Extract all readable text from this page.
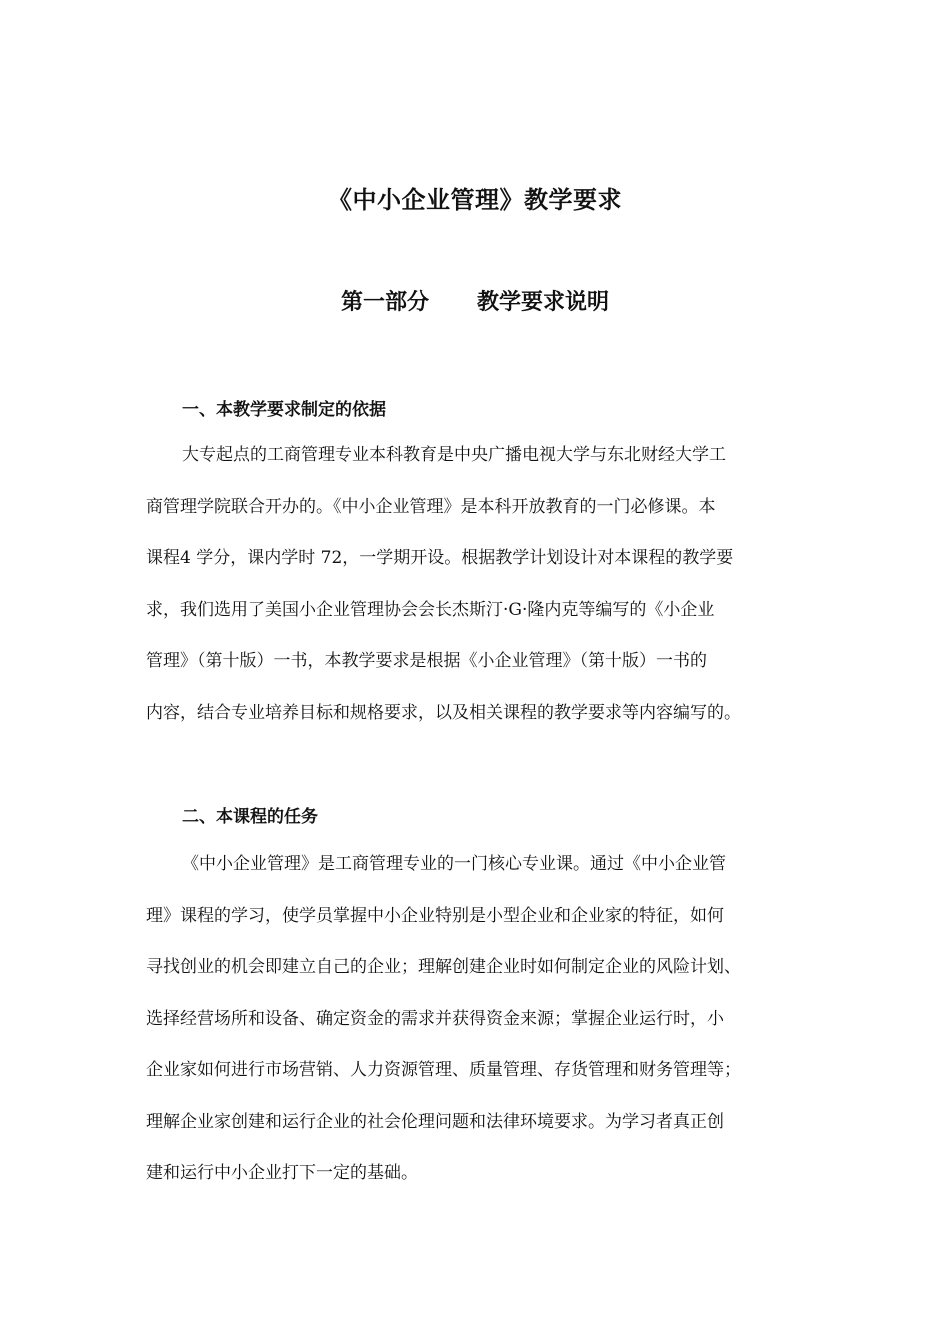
《中小企业管理》教学要求
第一部分 教学要求说明
一、本教学要求制定的依据
大专起点的工商管理专业本科教育是中央广播电视大学与东北财经大学工
商管理学院联合开办的。《中小企业管理》是本科开放教育的一门必修课。本
课程4 学分，课内学时 72，一学期开设。根据教学计划设计对本课程的教学要
求，我们选用了美国小企业管理协会会长杰斯汀·G·隆内克等编写的《小企业
管理》（第十版）一书，本教学要求是根据《小企业管理》（第十版）一书的
内容，结合专业培养目标和规格要求，以及相关课程的教学要求等内容编写的。
二、本课程的任务
《中小企业管理》是工商管理专业的一门核心专业课。通过《中小企业管
理》课程的学习，使学员掌握中小企业特别是小型企业和企业家的特征，如何
寻找创业的机会即建立自己的企业；理解创建企业时如何制定企业的风险计划、
选择经营场所和设备、确定资金的需求并获得资金来源；掌握企业运行时，小
企业家如何进行市场营销、人力资源管理、质量管理、存货管理和财务管理等；
理解企业家创建和运行企业的社会伦理问题和法律环境要求。为学习者真正创
建和运行中小企业打下一定的基础。
